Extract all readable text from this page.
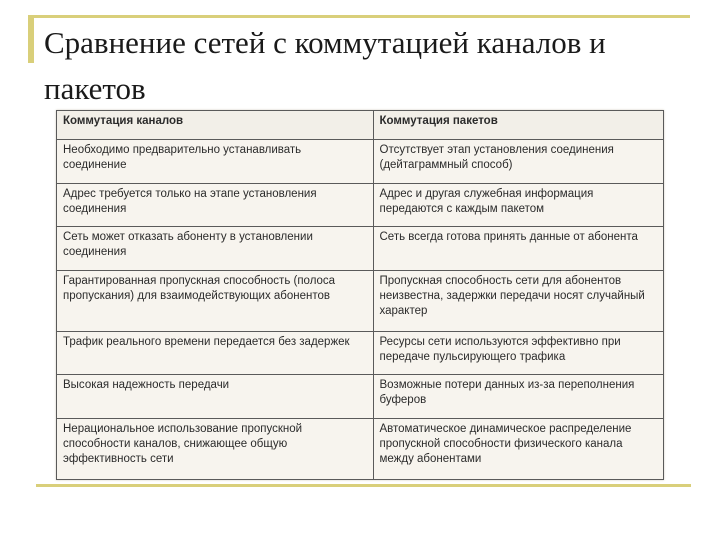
Сравнение сетей с коммутацией каналов и пакетов
Коммутация каналов	Коммутация пакетов
Необходимо предварительно устанавливать соединение	Отсутствует этап установления соединения (дейтаграммный способ)
Адрес требуется только на этапе установления соединения	Адрес и другая служебная информация передаются с каждым пакетом
Сеть может отказать абоненту в установлении соединения	Сеть всегда готова принять данные от абонента
Гарантированная пропускная способность (полоса пропускания) для взаимодействующих абонентов	Пропускная способность сети для абонентов неизвестна, задержки передачи носят случайный характер
Трафик реального времени передается без задержек	Ресурсы сети используются эффективно при передаче пульсирующего трафика
Высокая надежность передачи	Возможные потери данных из-за переполнения буферов
Нерациональное использование пропускной способности каналов, снижающее общую эффективность сети	Автоматическое динамическое распределение пропускной способности физического канала между абонентами
